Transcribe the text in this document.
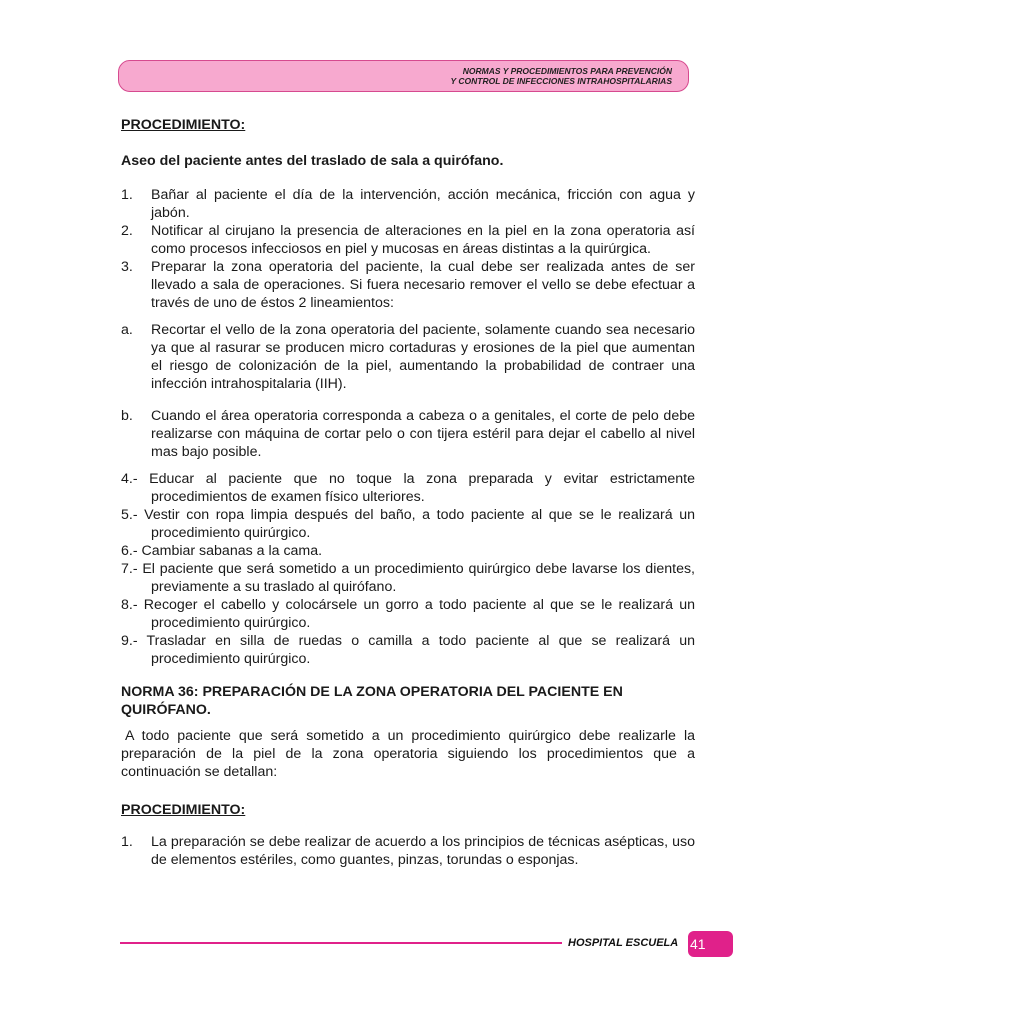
NORMAS Y PROCEDIMIENTOS PARA PREVENCIÓN
Y CONTROL DE INFECCIONES INTRAHOSPITALARIAS

PROCEDIMIENTO:

Aseo del paciente antes del traslado de sala a quirófano.

1.	Bañar al paciente el día de la intervención, acción mecánica, fricción con agua y jabón.
2.	Notificar al cirujano la presencia de alteraciones en la piel en la zona operatoria así como procesos infecciosos en piel y mucosas en áreas distintas a la quirúrgica.
3.	Preparar la zona operatoria del paciente, la cual debe ser realizada antes de ser llevado a sala de operaciones. Si fuera necesario remover el vello se debe efectuar a través de uno de éstos 2 lineamientos:
a.	Recortar el vello de la zona operatoria del paciente, solamente cuando sea necesario ya que al rasurar se producen micro cortaduras y erosiones de la piel que aumentan el riesgo de colonización de la piel, aumentando la probabilidad de contraer una infección intrahospitalaria (IIH).
b.	Cuando el área operatoria corresponda a cabeza o a genitales, el corte de pelo debe realizarse con máquina de cortar pelo o con tijera estéril para dejar el cabello al nivel mas bajo posible.

4.- Educar al paciente que no toque la zona preparada y evitar estrictamente procedimientos de examen físico ulteriores.

5.- Vestir con ropa limpia después del baño, a todo paciente al que se le realizará un procedimiento quirúrgico.

6.- Cambiar sabanas a la cama.

7.- El paciente que será sometido a un procedimiento quirúrgico debe lavarse los dientes, previamente a su traslado al quirófano.

8.- Recoger el cabello y colocársele un gorro a todo paciente al que se le realizará un procedimiento quirúrgico.

9.- Trasladar en silla de ruedas o camilla a todo paciente al que se realizará un procedimiento quirúrgico.

NORMA 36: PREPARACIÓN DE LA ZONA OPERATORIA DEL PACIENTE EN QUIRÓFANO.

A todo paciente que será sometido a un procedimiento quirúrgico debe realizarle la preparación de la piel de la zona operatoria siguiendo los procedimientos que a continuación se detallan:

PROCEDIMIENTO:

1.	La preparación se debe realizar de acuerdo a los principios de técnicas asépticas, uso de elementos estériles, como guantes, pinzas, torundas o esponjas.
HOSPITAL ESCUELA 41
